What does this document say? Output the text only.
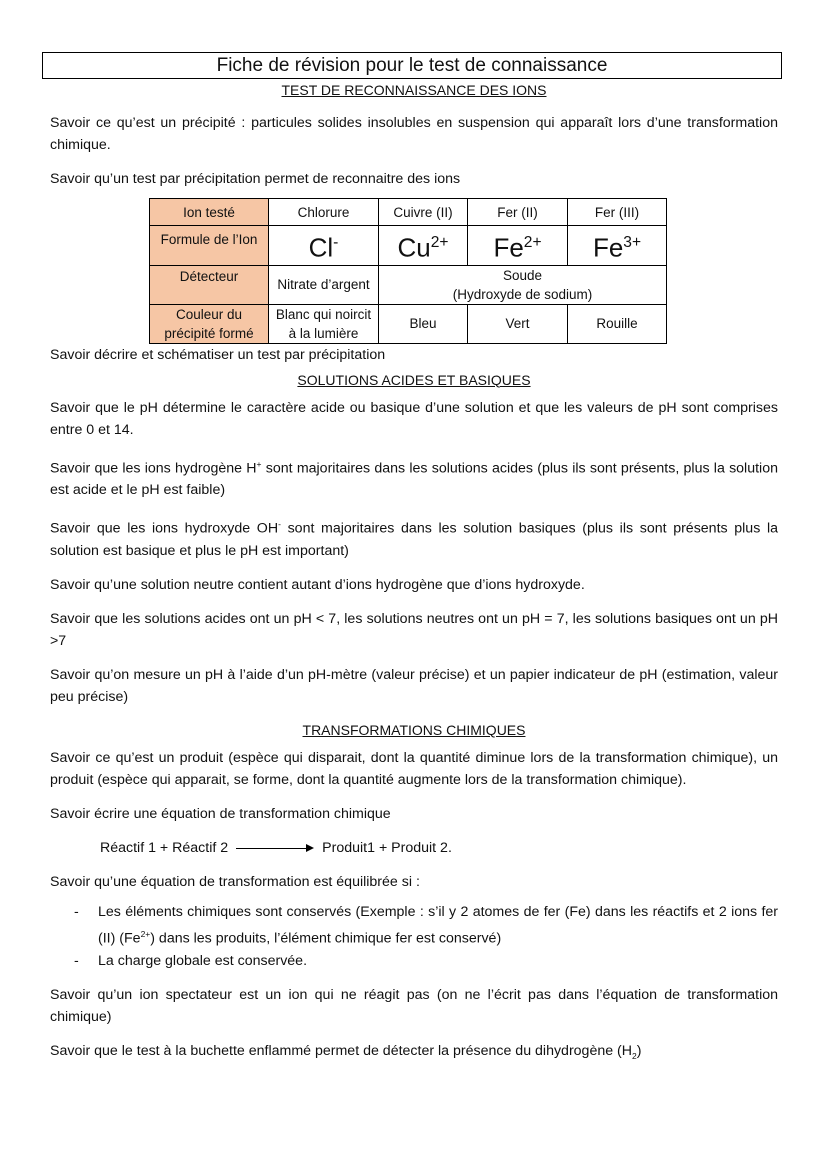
Fiche de révision pour le test de connaissance
TEST DE RECONNAISSANCE DES IONS

Savoir ce qu’est un précipité : particules solides insolubles en suspension qui apparaît lors d’une transformation chimique.

Savoir qu’un test par précipitation permet de reconnaitre des ions

Ion testé	Chlorure	Cuivre (II)	Fer (II)	Fer (III)
Formule de l’Ion	Cl-	$Cu^{2+}$	$Fe^{2+}$	$Fe^{3+}$
Détecteur	Nitrate d’argent	Soude
(Hydroxyde de sodium)		

Couleur du précipité formé	Blanc qui noircit à la lumière	Bleu	Vert	Rouille

Savoir décrire et schématiser un test par précipitation

SOLUTIONS ACIDES ET BASIQUES

Savoir que le pH détermine le caractère acide ou basique d’une solution et que les valeurs de pH sont comprises entre 0 et 14.

Savoir que les ions hydrogène H+ sont majoritaires dans les solutions acides (plus ils sont présents, plus la solution est acide et le pH est faible)

Savoir que les ions hydroxyde OH- sont majoritaires dans les solution basiques (plus ils sont présents plus la solution est basique et plus le pH est important)

Savoir qu’une solution neutre contient autant d’ions hydrogène que d’ions hydroxyde.

Savoir que les solutions acides ont un pH < 7, les solutions neutres ont un pH = 7, les solutions basiques ont un pH >7

Savoir qu’on mesure un pH à l’aide d’un pH-mètre (valeur précise) et un papier indicateur de pH (estimation, valeur peu précise)

TRANSFORMATIONS CHIMIQUES

Savoir ce qu’est un produit (espèce qui disparait, dont la quantité diminue lors de la transformation chimique), un produit (espèce qui apparait, se forme, dont la quantité augmente lors de la transformation chimique).

Savoir écrire une équation de transformation chimique

Réactif 1 + Réactif 2	Produit1 + Produit 2.

Savoir qu’une équation de transformation est équilibrée si :

- Les éléments chimiques sont conservés (Exemple : s’il y 2 atomes de fer (Fe) dans les réactifs et 2 ions fer (II) $(Fe^{2+})$ dans les produits, l’élément chimique fer est conservé)
- La charge globale est conservée.

Savoir qu’un ion spectateur est un ion qui ne réagit pas (on ne l’écrit pas dans l’équation de transformation chimique)

Savoir que le test à la buchette enflammé permet de détecter la présence du dihydrogène $(H_2)$
